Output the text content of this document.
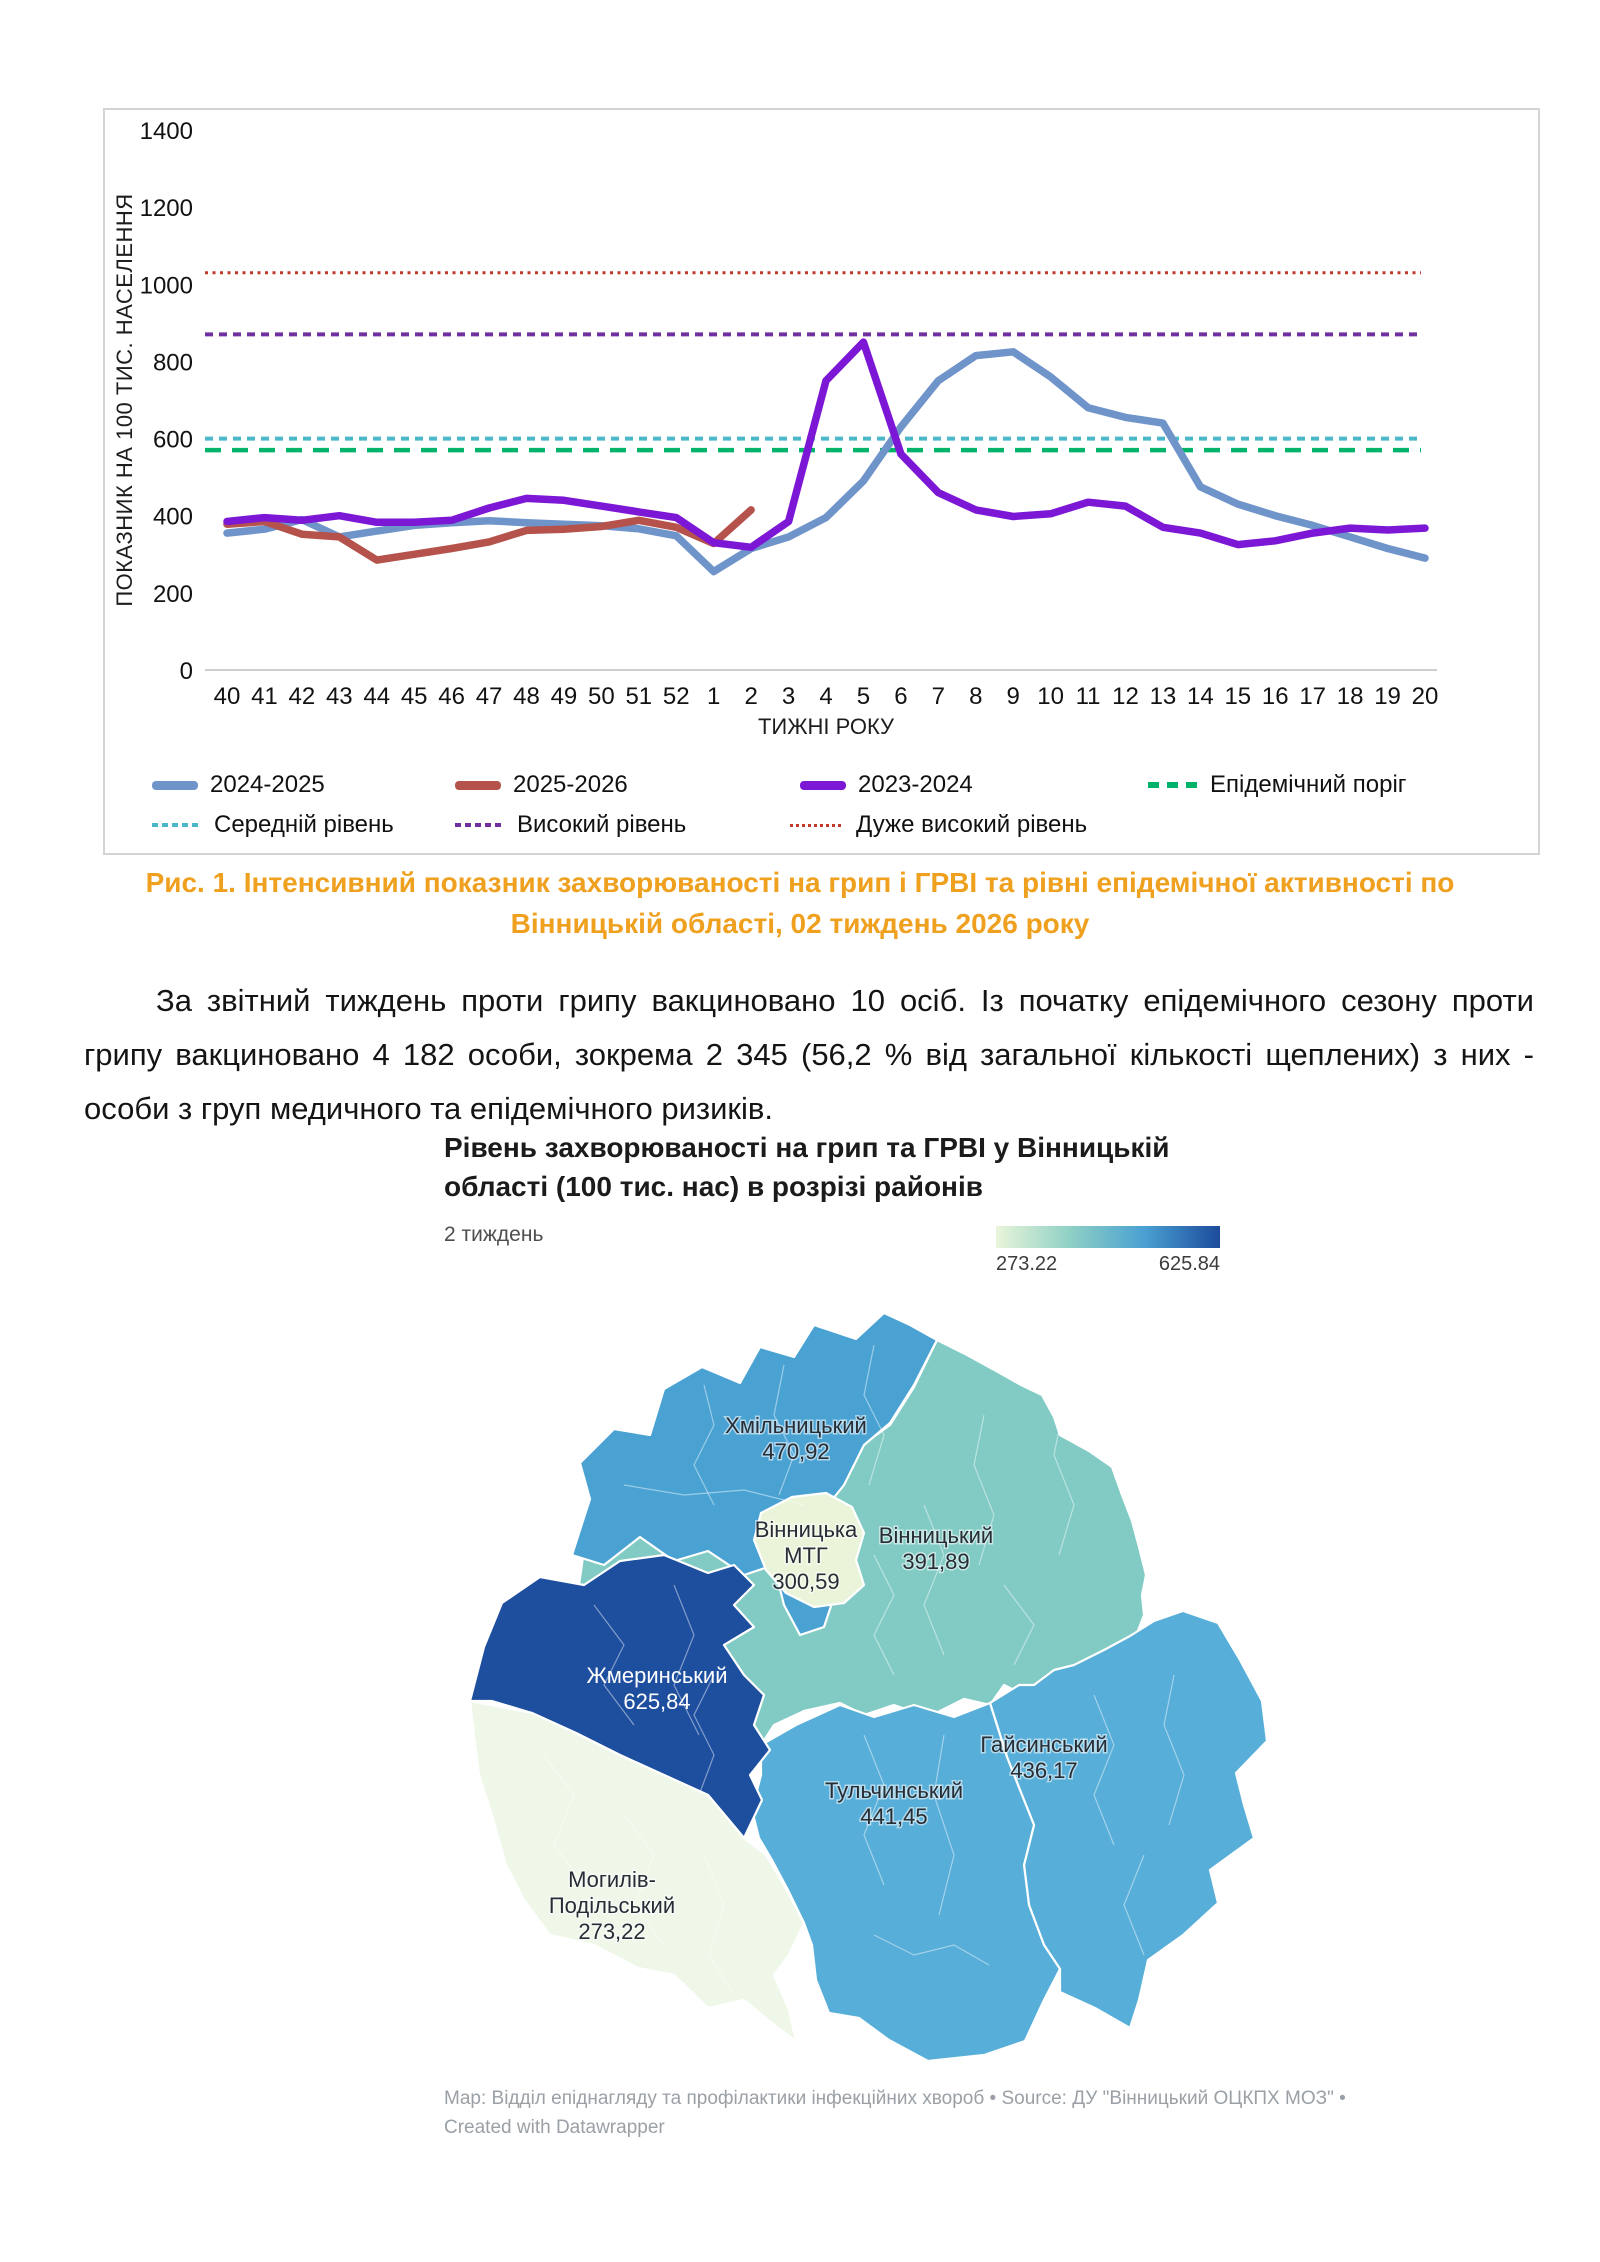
0
200
400
600
800
1000
1200
1400
ПОКАЗНИК НА 100 ТИС. НАСЕЛЕННЯ
40 41 42 43 44 45 46 47 48 49 50 51 52 1 2 3 4 5 6 7 8 9 10 11 12 13 14 15 16 17 18 19 20
ТИЖНІ РОКУ
2024-2025	2025-2026	2023-2024	Епідемічний поріг
Середній рівень	Високий рівень	Дуже високий рівень
Рис. 1. Інтенсивний показник захворюваності на грип і ГРВІ та рівні епідемічної активності по
Вінницькій області, 02 тиждень 2026 року
За звітний тиждень проти грипу вакциновано 10 осіб. Із початку епідемічного сезону проти грипу вакциновано 4 182 особи, зокрема 2 345 (56,2 % від загальної кількості щеплених) з них - особи з груп медичного та епідемічного ризиків.
Рівень захворюваності на грип та ГРВІ у Вінницькій
області (100 тис. нас) в розрізі районів
2 тиждень
273.22	625.84
Вінницький
391,89
Гайсинський
436,17
Тульчинський
441,45
Хмільницький
470,92
Жмеринський
625,84
Могилів-
Подільський
273,22
Вінницька
МТГ
300,59
Map: Відділ епіднагляду та профілактики інфекційних хвороб • Source: ДУ "Вінницький ОЦКПХ МОЗ" • Created with Datawrapper
